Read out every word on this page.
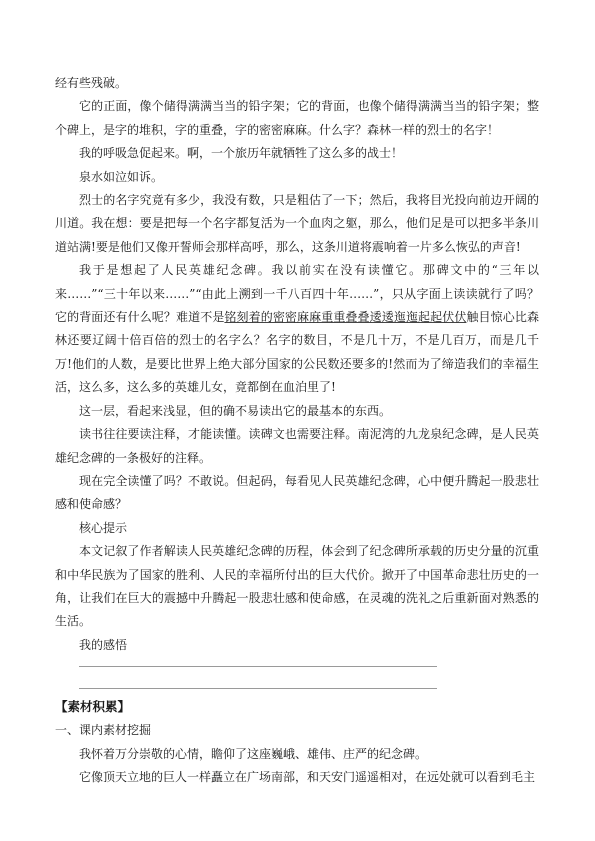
经有些残破。

它的正面，像个储得满满当当的铅字架；它的背面，也像个储得满满当当的铅字架；整个碑上，是字的堆积，字的重叠，字的密密麻麻。什么字？森林一样的烈士的名字！

我的呼吸急促起来。啊，一个旅历年就牺牲了这么多的战士！

泉水如泣如诉。

烈士的名字究竟有多少，我没有数，只是粗估了一下；然后，我将目光投向前边开阔的川道。我在想：要是把每一个名字都复活为一个血肉之躯，那么，他们足是可以把多半条川道站满!要是他们又像开誓师会那样高呼，那么，这条川道将震响着一片多么恢弘的声音!

我于是想起了人民英雄纪念碑。我以前实在没有读懂它。那碑文中的“三年以来……”“三十年以来……”“由此上溯到一千八百四十年……”，只从字面上读读就行了吗？它的背面还有什么呢？难道不是铭刻着的密密麻麻重重叠叠逶逶迤迤起起伏伏触目惊心比森林还要辽阔十倍百倍的烈士的名字么？名字的数目，不是几十万，不是几百万，而是几千万!他们的人数，是要比世界上绝大部分国家的公民数还要多的!然而为了缔造我们的幸福生活，这么多，这么多的英雄儿女，竟都倒在血泊里了!

这一层，看起来浅显，但的确不易读出它的最基本的东西。

读书往往要读注释，才能读懂。读碑文也需要注释。南泥湾的九龙泉纪念碑，是人民英雄纪念碑的一条极好的注释。

现在完全读懂了吗？不敢说。但起码，每看见人民英雄纪念碑，心中便升腾起一股悲壮感和使命感？

核心提示

本文记叙了作者解读人民英雄纪念碑的历程，体会到了纪念碑所承载的历史分量的沉重和中华民族为了国家的胜利、人民的幸福所付出的巨大代价。掀开了中国革命悲壮历史的一角，让我们在巨大的震撼中升腾起一股悲壮感和使命感，在灵魂的洗礼之后重新面对熟悉的生活。

我的感悟

【素材积累】

一、课内素材挖掘

我怀着万分崇敬的心情，瞻仰了这座巍峨、雄伟、庄严的纪念碑。

它像顶天立地的巨人一样矗立在广场南部，和天安门遥遥相对，在远处就可以看到毛主
